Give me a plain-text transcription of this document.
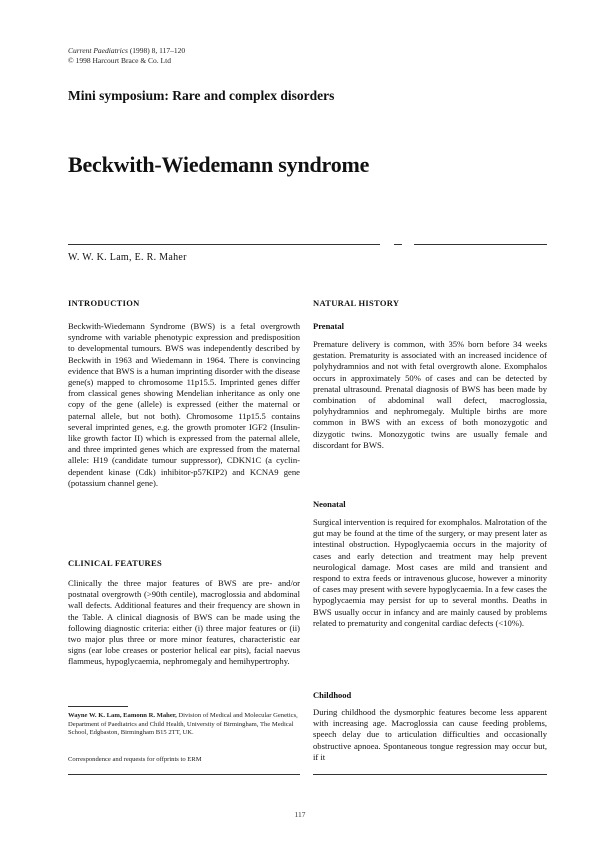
Current Paediatrics (1998) 8, 117–120
© 1998 Harcourt Brace & Co. Ltd
Mini symposium: Rare and complex disorders
Beckwith-Wiedemann syndrome
W. W. K. Lam, E. R. Maher
INTRODUCTION

Beckwith-Wiedemann Syndrome (BWS) is a fetal overgrowth syndrome with variable phenotypic expression and predisposition to developmental tumours. BWS was independently described by Beckwith in 1963 and Wiedemann in 1964. There is convincing evidence that BWS is a human imprinting disorder with the disease gene(s) mapped to chromosome 11p15.5. Imprinted genes differ from classical genes showing Mendelian inheritance as only one copy of the gene (allele) is expressed (either the maternal or paternal allele, but not both). Chromosome 11p15.5 contains several imprinted genes, e.g. the growth promoter IGF2 (Insulin-like growth factor II) which is expressed from the paternal allele, and three imprinted genes which are expressed from the maternal allele: H19 (candidate tumour suppressor), CDKN1C (a cyclin-dependent kinase (Cdk) inhibitor-p57KIP2) and KCNA9 gene (potassium channel gene).

CLINICAL FEATURES

Clinically the three major features of BWS are pre- and/or postnatal overgrowth (>90th centile), macroglossia and abdominal wall defects. Additional features and their frequency are shown in the Table. A clinical diagnosis of BWS can be made using the following diagnostic criteria: either (i) three major features or (ii) two major plus three or more minor features, characteristic ear signs (ear lobe creases or posterior helical ear pits), facial naevus flammeus, hypoglycaemia, nephromegaly and hemihypertrophy.

Wayne W. K. Lam, Eamonn R. Maher, Division of Medical and Molecular Genetics, Department of Paediatrics and Child Health, University of Birmingham, The Medical School, Edgbaston, Birmingham B15 2TT, UK.
Correspondence and requests for offprints to ERM
NATURAL HISTORY
Prenatal

Premature delivery is common, with 35% born before 34 weeks gestation. Prematurity is associated with an increased incidence of polyhydramnios and not with fetal overgrowth alone. Exomphalos occurs in approximately 50% of cases and can be detected by prenatal ultrasound. Prenatal diagnosis of BWS has been made by combination of abdominal wall defect, macroglossia, polyhydramnios and nephromegaly. Multiple births are more common in BWS with an excess of both monozygotic and dizygotic twins. Monozygotic twins are usually female and discordant for BWS.

Neonatal

Surgical intervention is required for exomphalos. Malrotation of the gut may be found at the time of the surgery, or may present later as intestinal obstruction. Hypoglycaemia occurs in the majority of cases and early detection and treatment may help prevent neurological damage. Most cases are mild and transient and respond to extra feeds or intravenous glucose, however a minority of cases may present with severe hypoglycaemia. In a few cases the hypoglycaemia may persist for up to several months. Deaths in BWS usually occur in infancy and are mainly caused by problems related to prematurity and congenital cardiac defects (<10%).

Childhood

During childhood the dysmorphic features become less apparent with increasing age. Macroglossia can cause feeding problems, speech delay due to articulation difficulties and occasionally obstructive apnoea. Spontaneous tongue regression may occur but, if it

117
